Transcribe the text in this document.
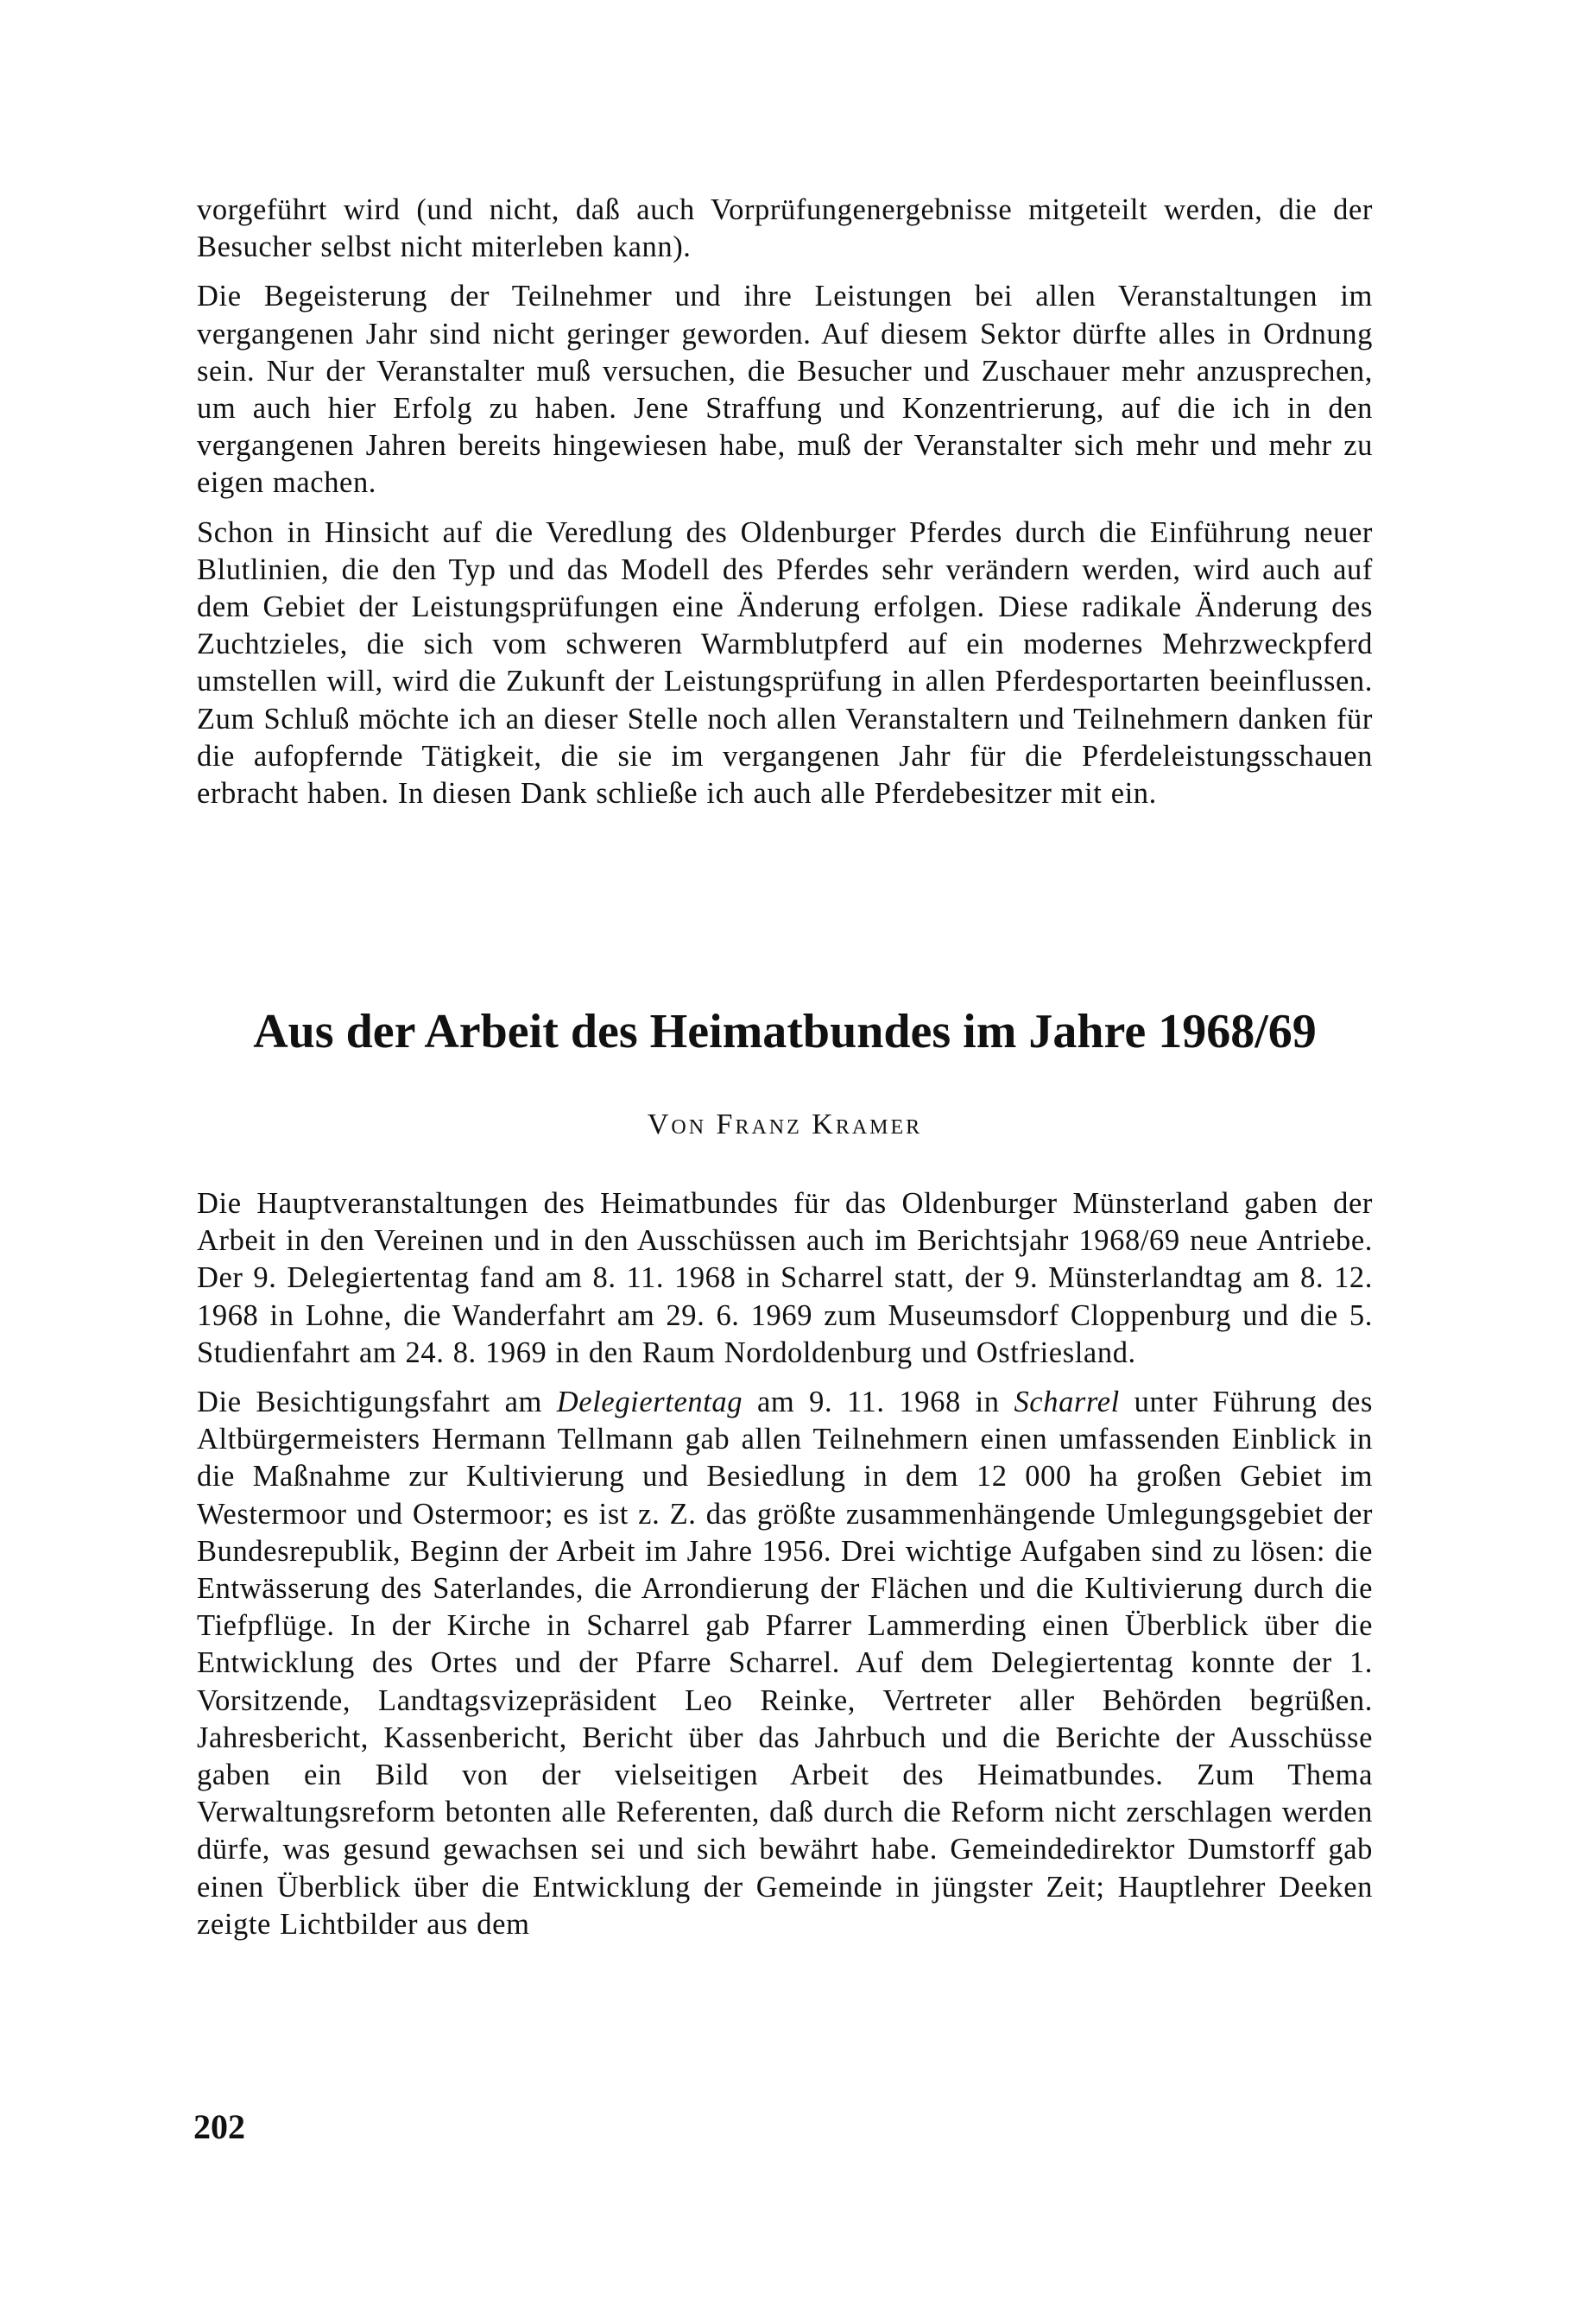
vorgeführt wird (und nicht, daß auch Vorprüfungenergebnisse mitgeteilt werden, die der Besucher selbst nicht miterleben kann).

Die Begeisterung der Teilnehmer und ihre Leistungen bei allen Veranstaltungen im vergangenen Jahr sind nicht geringer geworden. Auf diesem Sektor dürfte alles in Ordnung sein. Nur der Veranstalter muß versuchen, die Besucher und Zuschauer mehr anzusprechen, um auch hier Erfolg zu haben. Jene Straffung und Konzentrierung, auf die ich in den vergangenen Jahren bereits hingewiesen habe, muß der Veranstalter sich mehr und mehr zu eigen machen.

Schon in Hinsicht auf die Veredlung des Oldenburger Pferdes durch die Einführung neuer Blutlinien, die den Typ und das Modell des Pferdes sehr verändern werden, wird auch auf dem Gebiet der Leistungsprüfungen eine Änderung erfolgen. Diese radikale Änderung des Zuchtzieles, die sich vom schweren Warmblutpferd auf ein modernes Mehrzweckpferd umstellen will, wird die Zukunft der Leistungsprüfung in allen Pferdesportarten beeinflussen. Zum Schluß möchte ich an dieser Stelle noch allen Veranstaltern und Teilnehmern danken für die aufopfernde Tätigkeit, die sie im vergangenen Jahr für die Pferdeleistungsschauen erbracht haben. In diesen Dank schließe ich auch alle Pferdebesitzer mit ein.

Aus der Arbeit des Heimatbundes im Jahre 1968/69

Von Franz Kramer

Die Hauptveranstaltungen des Heimatbundes für das Oldenburger Münsterland gaben der Arbeit in den Vereinen und in den Ausschüssen auch im Berichtsjahr 1968/69 neue Antriebe. Der 9. Delegiertentag fand am 8. 11. 1968 in Scharrel statt, der 9. Münsterlandtag am 8. 12. 1968 in Lohne, die Wanderfahrt am 29. 6. 1969 zum Museumsdorf Cloppenburg und die 5. Studienfahrt am 24. 8. 1969 in den Raum Nordoldenburg und Ostfriesland.

Die Besichtigungsfahrt am Delegiertentag am 9. 11. 1968 in Scharrel unter Führung des Altbürgermeisters Hermann Tellmann gab allen Teilnehmern einen umfassenden Einblick in die Maßnahme zur Kultivierung und Besiedlung in dem 12 000 ha großen Gebiet im Westermoor und Ostermoor; es ist z. Z. das größte zusammenhängende Umlegungsgebiet der Bundesrepublik, Beginn der Arbeit im Jahre 1956. Drei wichtige Aufgaben sind zu lösen: die Entwässerung des Saterlandes, die Arrondierung der Flächen und die Kultivierung durch die Tiefpflüge. In der Kirche in Scharrel gab Pfarrer Lammerding einen Überblick über die Entwicklung des Ortes und der Pfarre Scharrel. Auf dem Delegiertentag konnte der 1. Vorsitzende, Landtagsvizepräsident Leo Reinke, Vertreter aller Behörden begrüßen. Jahresbericht, Kassenbericht, Bericht über das Jahrbuch und die Berichte der Ausschüsse gaben ein Bild von der vielseitigen Arbeit des Heimatbundes. Zum Thema Verwaltungsreform betonten alle Referenten, daß durch die Reform nicht zerschlagen werden dürfe, was gesund gewachsen sei und sich bewährt habe. Gemeindedirektor Dumstorff gab einen Überblick über die Entwicklung der Gemeinde in jüngster Zeit; Hauptlehrer Deeken zeigte Lichtbilder aus dem

202
